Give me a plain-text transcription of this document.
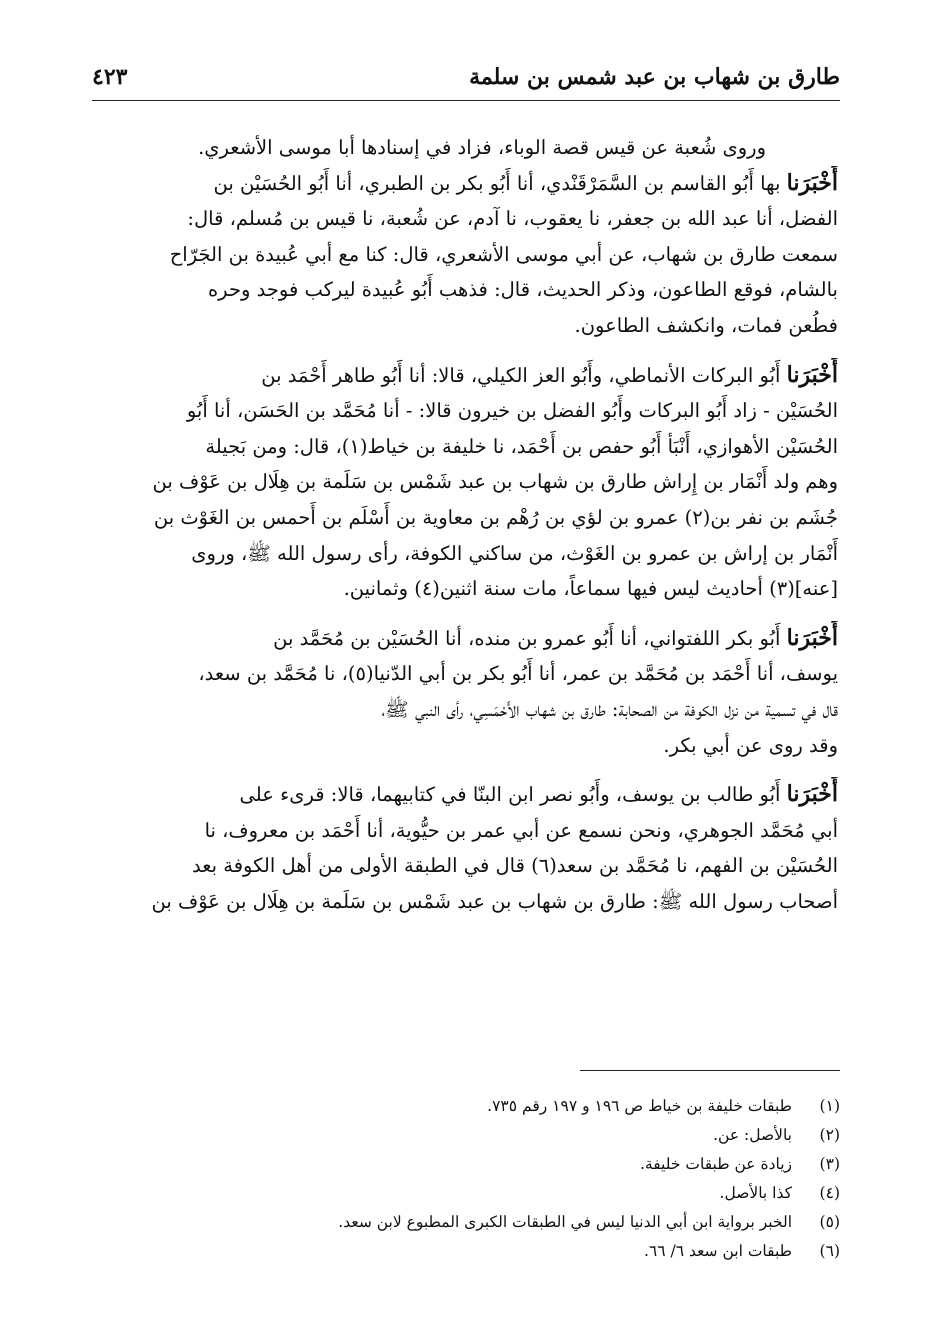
طارق بن شهاب بن عبد شمس بن سلمة
٤٢٣
وروى شُعبة عن قيس قصة الوباء، فزاد في إسنادها أبا موسى الأشعري.
أَخْبَرَنا بها أَبُو القاسم بن السَّمَرْقَنْدي، أنا أَبُو بكر بن الطبري، أنا أَبُو الحُسَيْن بن
الفضل، أنا عبد الله بن جعفر، نا يعقوب، نا آدم، عن شُعبة، نا قيس بن مُسلم، قال:
سمعت طارق بن شهاب، عن أبي موسى الأشعري، قال: كنا مع أبي عُبيدة بن الجَرّاح
بالشام، فوقع الطاعون، وذكر الحديث، قال: فذهب أَبُو عُبيدة ليركب فوجد وحره
فطُعن فمات، وانكشف الطاعون.
أَخْبَرَنا أَبُو البركات الأنماطي، وأَبُو العز الكيلي، قالا: أنا أَبُو طاهر أَحْمَد بن
الحُسَيْن - زاد أَبُو البركات وأَبُو الفضل بن خيرون قالا: - أنا مُحَمَّد بن الحَسَن، أنا أَبُو
الحُسَيْن الأهوازي، أَنْبَأ أَبُو حفص بن أَحْمَد، نا خليفة بن خياط(١)، قال: ومن بَجيلة
وهم ولد أَنْمَار بن إِراش طارق بن شهاب بن عبد شَمْس بن سَلَمة بن هِلَال بن عَوْف بن
جُشَم بن نفر بن(٢) عمرو بن لؤي بن رُهْم بن معاوية بن أَسْلَم بن أَحمس بن الغَوْث بن
أَنْمَار بن إراش بن عمرو بن الغَوْث، من ساكني الكوفة، رأى رسول الله ﷺ، وروى
[عنه](٣) أحاديث ليس فيها سماعاً، مات سنة اثنين(٤) وثمانين.
أَخْبَرَنا أَبُو بكر اللفتواني، أنا أَبُو عمرو بن منده، أنا الحُسَيْن بن مُحَمَّد بن
يوسف، أنا أَحْمَد بن مُحَمَّد بن عمر، أنا أَبُو بكر بن أبي الدّنيا(٥)، نا مُحَمَّد بن سعد،
قال في تسمية من نزل الكوفة من الصحابة: طارق بن شهاب الأَحْمَسِي، رأى النبي ﷺ،
وقد روى عن أبي بكر.
أَخْبَرَنا أَبُو طالب بن يوسف، وأَبُو نصر ابن البنّا في كتابيهما، قالا: قرىء على
أبي مُحَمَّد الجوهري، ونحن نسمع عن أبي عمر بن حيُّوية، أنا أَحْمَد بن معروف، نا
الحُسَيْن بن الفهم، نا مُحَمَّد بن سعد(٦) قال في الطبقة الأولى من أهل الكوفة بعد
أصحاب رسول الله ﷺ: طارق بن شهاب بن عبد شَمْس بن سَلَمة بن هِلَال بن عَوْف بن
(١)طبقات خليفة بن خياط ص ١٩٦ و ١٩٧ رقم ٧٣٥.
(٢)بالأصل: عن.
(٣)زيادة عن طبقات خليفة.
(٤)كذا بالأصل.
(٥)الخبر برواية ابن أبي الدنيا ليس في الطبقات الكبرى المطبوع لابن سعد.
(٦)طبقات ابن سعد ٦/ ٦٦.
